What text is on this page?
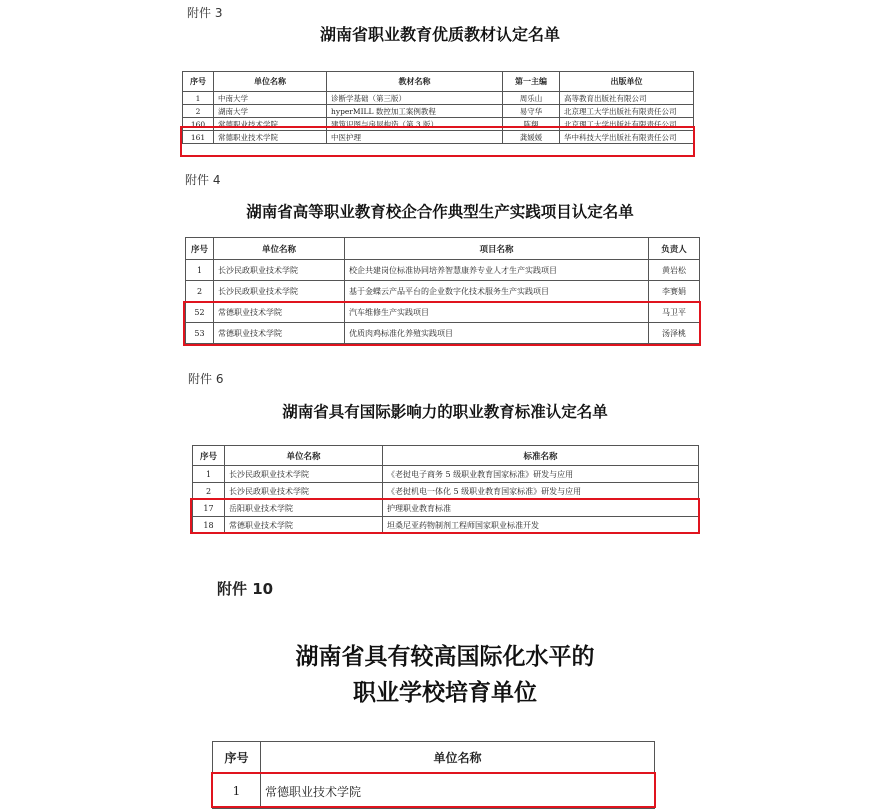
附件 3
湖南省职业教育优质教材认定名单
序号	单位名称	教材名称	第一主编	出版单位
1	中南大学	诊断学基础（第三版）	周乐山	高等教育出版社有限公司
2	湖南大学	hyperMILL 数控加工案例教程	易守华	北京理工大学出版社有限责任公司
160	常德职业技术学院	建筑识图与房屋构造（第 3 版）	陈翔	北京理工大学出版社有限责任公司
161	常德职业技术学院	中医护理	龚媛媛	华中科技大学出版社有限责任公司
附件 4
湖南省高等职业教育校企合作典型生产实践项目认定名单
序号	单位名称	项目名称	负责人
1	长沙民政职业技术学院	校企共建岗位标准协同培养智慧康养专业人才生产实践项目	黄岩松
2	长沙民政职业技术学院	基于金蝶云产品平台的企业数字化技术服务生产实践项目	李赛娟
52	常德职业技术学院	汽车维修生产实践项目	马卫平
53	常德职业技术学院	优质肉鸡标准化养殖实践项目	汤泽桃
附件 6
湖南省具有国际影响力的职业教育标准认定名单
序号	单位名称	标准名称
1	长沙民政职业技术学院	《老挝电子商务 5 级职业教育国家标准》研发与应用
2	长沙民政职业技术学院	《老挝机电一体化 5 级职业教育国家标准》研发与应用
17	岳阳职业技术学院	护理职业教育标准
18	常德职业技术学院	坦桑尼亚药物制剂工程师国家职业标准开发
附件 10
湖南省具有较高国际化水平的
职业学校培育单位
序号	单位名称
1	常德职业技术学院
